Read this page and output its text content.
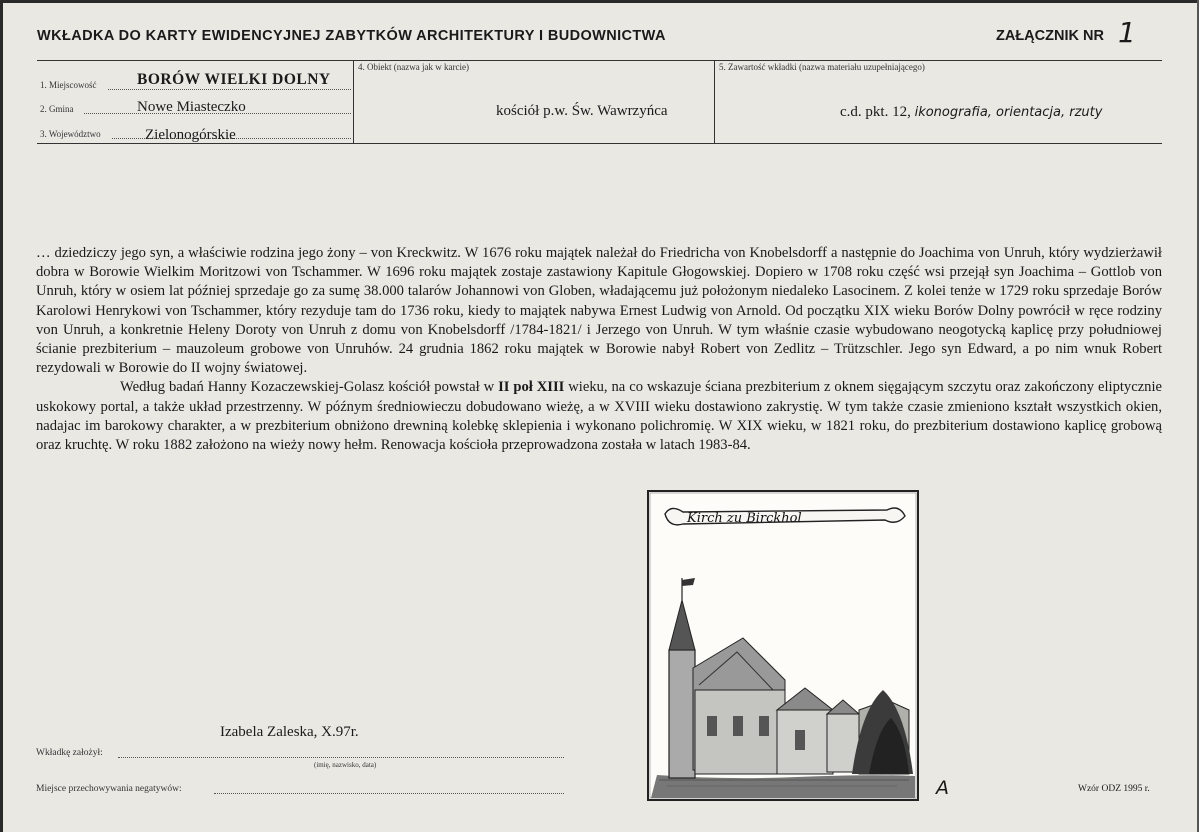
WKŁADKA DO KARTY EWIDENCYJNEJ ZABYTKÓW ARCHITEKTURY I BUDOWNICTWA	ZAŁĄCZNIK NR 1
1. Miejscowość	BORÓW WIELKI DOLNY
2. Gmina	Nowe Miasteczko
3. Województwo	Zielonogórskie
4. Obiekt (nazwa jak w karcie)
kościół p.w. Św. Wawrzyńca
5. Zawartość wkładki (nazwa materiału uzupełniającego)
c.d. pkt. 12, ikonografia, orientacja, rzuty

… dziedziczy jego syn, a właściwie rodzina jego żony – von Kreckwitz. W 1676 roku majątek należał do Friedricha von Knobelsdorff a następnie do Joachima von Unruh, który wydzierżawił dobra w Borowie Wielkim Moritzowi von Tschammer. W 1696 roku majątek zostaje zastawiony Kapitule Głogowskiej. Dopiero w 1708 roku część wsi przejął syn Joachima – Gottlob von Unruh, który w osiem lat później sprzedaje go za sumę 38.000 talarów Johannowi von Globen, władającemu już położonym niedaleko Lasocinem. Z kolei tenże w 1729 roku sprzedaje Borów Karolowi Henrykowi von Tschammer, który rezyduje tam do 1736 roku, kiedy to majątek nabywa Ernest Ludwig von Arnold. Od początku XIX wieku Borów Dolny powrócił w ręce rodziny von Unruh, a konkretnie Heleny Doroty von Unruh z domu von Knobelsdorff /1784-1821/ i Jerzego von Unruh. W tym właśnie czasie wybudowano neogotycką kaplicę przy południowej ścianie prezbiterium – mauzoleum grobowe von Unruhów. 24 grudnia 1862 roku majątek w Borowie nabył Robert von Zedlitz – Trützschler. Jego syn Edward, a po nim wnuk Robert rezydowali w Borowie do II wojny światowej.

Według badań Hanny Kozaczewskiej-Golasz kościół powstał w II poł XIII wieku, na co wskazuje ściana prezbiterium z oknem sięgającym szczytu oraz zakończony eliptycznie uskokowy portal, a także układ przestrzenny. W późnym średniowieczu dobudowano wieżę, a w XVIII wieku dostawiono zakrystię. W tym także czasie zmieniono kształt wszystkich okien, nadajac im barokowy charakter, a w prezbiterium obniżono drewniną kolebkę sklepienia i wykonano polichromię. W XIX wieku, w 1821 roku, do prezbiterium dostawiono kaplicę grobową oraz kruchtę. W roku 1882 założono na wieży nowy hełm. Renowacja kościoła przeprowadzona została w latach 1983-84.

Kirch zu Birckhol
A
Izabela Zaleska, X.97r.
Wkładkę założył:
(imię, nazwisko, data)
Miejsce przechowywania negatywów:	Wzór ODZ 1995 r.
